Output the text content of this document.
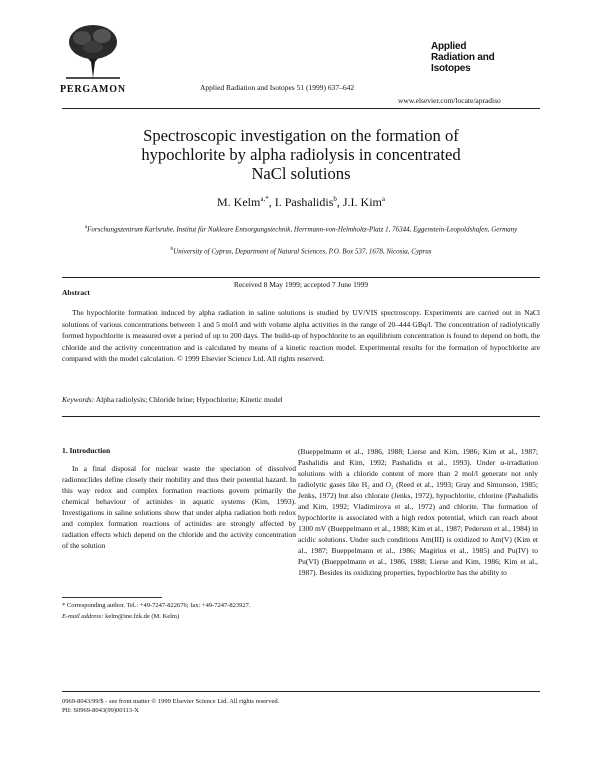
PERGAMON	Applied Radiation and Isotopes 51 (1999) 637–642
Applied
Radiation and
Isotopes
www.elsevier.com/locate/apradiso
Spectroscopic investigation on the formation of
hypochlorite by alpha radiolysis in concentrated
NaCl solutions
M. Kelm$^{a,*}$, I. Pashalidis$^b$, J.I. Kim$^a$
$^a$Forschungszentrum Karlsruhe, Institut für Nukleare Entsorgungstechnik, Herrmann-von-Helmholtz-Platz 1, 76344, Eggenstein-Leopoldshafen, Germany
$^b$University of Cyprus, Department of Natural Sciences, P.O. Box 537, 1678, Nicosia, Cyprus
Received 8 May 1999; accepted 7 June 1999
Abstract
The hypochlorite formation induced by alpha radiation in saline solutions is studied by UV/VIS spectroscopy. Experiments are carried out in NaCl solutions of various concentrations between 1 and 5 mol/l and with volume alpha activities in the range of 20–444 GBq/l. The concentration of radiolytically formed hypochlorite is measured over a period of up to 200 days. The build-up of hypochlorite to an equilibrium concentration is found to depend on both, the chloride and the activity concentration and is calculated by means of a kinetic reaction model. Experimental results for the formation of hypochlorite are compared with the model calculation. © 1999 Elsevier Science Ltd. All rights reserved.
Keywords: Alpha radiolysis; Chloride brine; Hypochlorite; Kinetic model
1. Introduction
In a final disposal for nuclear waste the speciation of dissolved radionuclides define closely their mobility and thus their potential hazard. In this way redox and complex formation reactions govern primarily the chemical behaviour of actinides in aquatic systems (Kim, 1993). Investigations in saline solutions show that under alpha radiation both redox and complex formation reactions of actinides are strongly affected by radiation effects which depend on the chloride and the activity concentration of the solution
(Bueppelmann et al., 1986, 1988; Lierse and Kim, 1986; Kim et al., 1987; Pashalidis and Kim, 1992; Pashalidis et al., 1993). Under α-irradiation solutions with a chloride content of more than 2 mol/l generate not only radiolytic gases like H₂ and O₂ (Reed et al., 1993; Gray and Simonson, 1985; Jenks, 1972) but also chlorate (Jenks, 1972), hypochlorite, chlorine (Pashalidis and Kim, 1992; Vladimirova et al., 1972) and chlorite. The formation of hypochlorite is associated with a high redox potential, which can reach about 1300 mV (Bueppelmann et al., 1988; Kim et al., 1987; Pederson et al., 1984) in acidic solutions. Under such conditions Am(III) is oxidized to Am(V) (Kim et al., 1987; Bueppelmann et al., 1986; Magirius et al., 1985) and Pu(IV) to Pu(VI) (Bueppelmann et al., 1986, 1988; Lierse and Kim, 1986; Kim et al., 1987). Besides its oxidizing properties, hypochlorite has the ability to
* Corresponding author. Tel.: +49-7247-822676; fax: +49-7247-823927.
E-mail address: kelm@ine.fzk.de (M. Kelm)
0969-8043/99/$ - see front matter © 1999 Elsevier Science Ltd. All rights reserved.
PII: S0969-8043(99)00113-X
